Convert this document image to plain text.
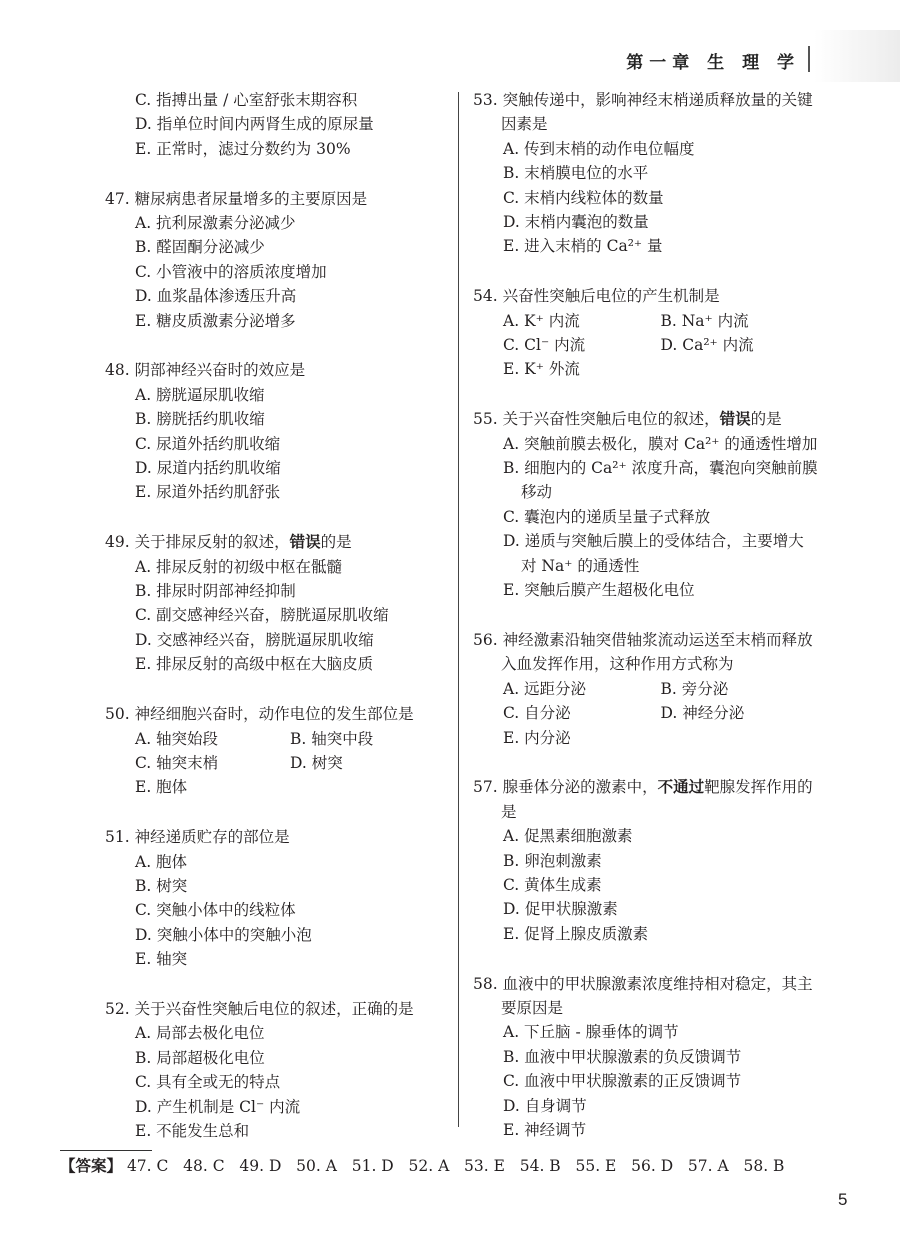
第一章 生 理 学
C. 指搏出量 / 心室舒张末期容积
D. 指单位时间内两肾生成的原尿量
E. 正常时，滤过分数约为 30%
47. 糖尿病患者尿量增多的主要原因是
A. 抗利尿激素分泌减少
B. 醛固酮分泌减少
C. 小管液中的溶质浓度增加
D. 血浆晶体渗透压升高
E. 糖皮质激素分泌增多
48. 阴部神经兴奋时的效应是
A. 膀胱逼尿肌收缩
B. 膀胱括约肌收缩
C. 尿道外括约肌收缩
D. 尿道内括约肌收缩
E. 尿道外括约肌舒张
49. 关于排尿反射的叙述，错误的是
A. 排尿反射的初级中枢在骶髓
B. 排尿时阴部神经抑制
C. 副交感神经兴奋，膀胱逼尿肌收缩
D. 交感神经兴奋，膀胱逼尿肌收缩
E. 排尿反射的高级中枢在大脑皮质
50. 神经细胞兴奋时，动作电位的发生部位是
A. 轴突始段	B. 轴突中段
C. 轴突末梢	D. 树突
E. 胞体
51. 神经递质贮存的部位是
A. 胞体
B. 树突
C. 突触小体中的线粒体
D. 突触小体中的突触小泡
E. 轴突
52. 关于兴奋性突触后电位的叙述，正确的是
A. 局部去极化电位
B. 局部超极化电位
C. 具有全或无的特点
D. 产生机制是 Cl⁻ 内流
E. 不能发生总和
53. 突触传递中，影响神经末梢递质释放量的关键因素是
A. 传到末梢的动作电位幅度
B. 末梢膜电位的水平
C. 末梢内线粒体的数量
D. 末梢内囊泡的数量
E. 进入末梢的 Ca²⁺ 量
54. 兴奋性突触后电位的产生机制是
A. K⁺ 内流	B. Na⁺ 内流
C. Cl⁻ 内流	D. Ca²⁺ 内流
E. K⁺ 外流
55. 关于兴奋性突触后电位的叙述，错误的是
A. 突触前膜去极化，膜对 Ca²⁺ 的通透性增加
B. 细胞内的 Ca²⁺ 浓度升高，囊泡向突触前膜移动
C. 囊泡内的递质呈量子式释放
D. 递质与突触后膜上的受体结合，主要增大对 Na⁺ 的通透性
E. 突触后膜产生超极化电位
56. 神经激素沿轴突借轴浆流动运送至末梢而释放入血发挥作用，这种作用方式称为
A. 远距分泌	B. 旁分泌
C. 自分泌	D. 神经分泌
E. 内分泌
57. 腺垂体分泌的激素中，不通过靶腺发挥作用的是
A. 促黑素细胞激素
B. 卵泡刺激素
C. 黄体生成素
D. 促甲状腺激素
E. 促肾上腺皮质激素
58. 血液中的甲状腺激素浓度维持相对稳定，其主要原因是
A. 下丘脑 - 腺垂体的调节
B. 血液中甲状腺激素的负反馈调节
C. 血液中甲状腺激素的正反馈调节
D. 自身调节
E. 神经调节
【答案】 47. C   48. C   49. D   50. A   51. D   52. A   53. E   54. B   55. E   56. D   57. A   58. B
5
